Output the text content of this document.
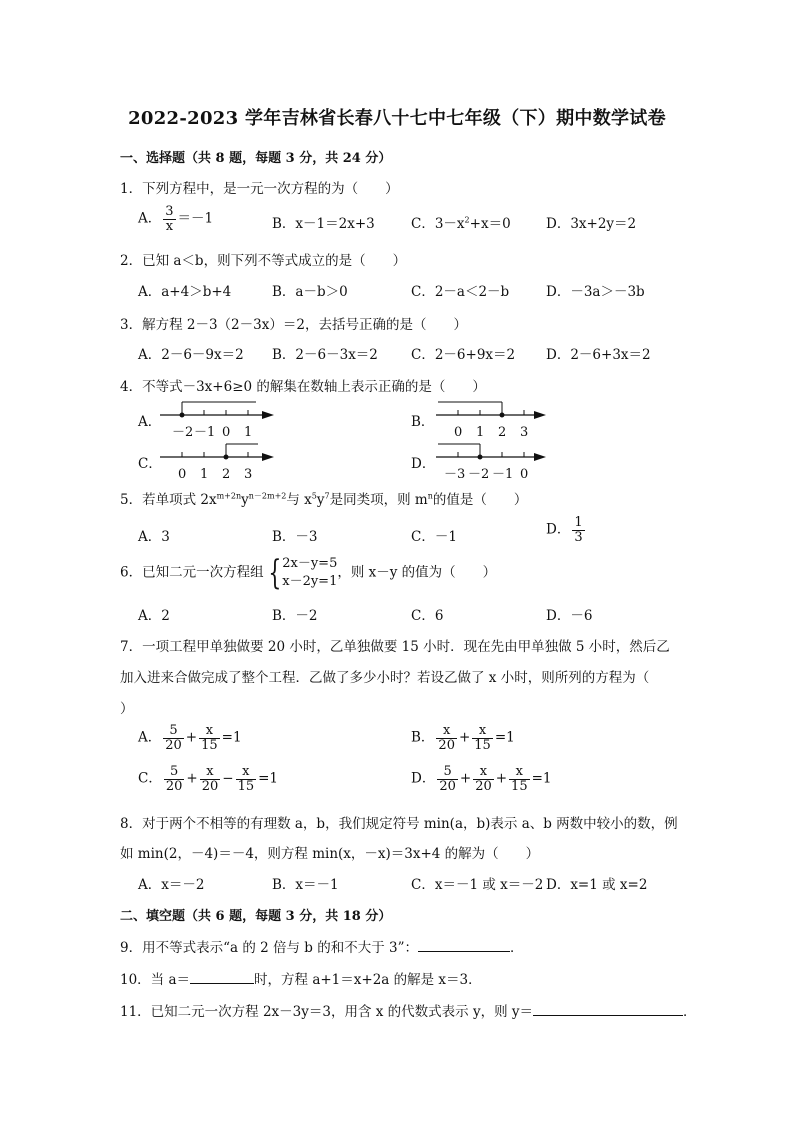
2022-2023 学年吉林省长春八十七中七年级（下）期中数学试卷
一、选择题（共 8 题，每题 3 分，共 24 分）
1．下列方程中，是一元一次方程的为（　　）
A． $\frac{3}{x} =-1$	B．x－1＝2x+3	C．$3-x^2+x=0$	D．3x+2y＝2
2．已知 a＜b，则下列不等式成立的是（　　）
A．a+4＞b+4	B．a－b＞0	C．2－a＜2－b	D．－3a＞－3b
3．解方程 2－3（2－3x）＝2，去括号正确的是（　　）
A．2－6－9x＝2 B．2－6－3x＝2 C．2－6+9x＝2 D．2－6+3x＝2
4．不等式－3x+6≥0 的解集在数轴上表示正确的是（　　）
A．
－2 －1 0 1
B．
0 1 2 3
C．
0 1 2 3
D．
－3 －2 －1 0
5．若单项式 $2x^{m+2n}y^{n-2m+2}$与 $x^5y^7$是同类项，则 $m^n$的值是（　　）
A．3	B．－3	C．－1	D． $\frac{1}{3}$
6．已知二元一次方程组 { 2x－y=5
x－2y=1
，则 x－y 的值为（　　）
A．2	B．－2	C．6	D．－6
7．一项工程甲单独做要 20 小时，乙单独做要 15 小时．现在先由甲单独做 5 小时，然后乙
加入进来合做完成了整个工程．乙做了多少小时？若设乙做了 x 小时，则所列的方程为（
）
A． $\frac{5}{20} + \frac{x}{15} =1$	B． $\frac{x}{20} + \frac{x}{15} =1$
C． $\frac{5}{20} + \frac{x}{20} - \frac{x}{15} =1$	D． $\frac{5}{20} + \frac{x}{20} + \frac{x}{15} =1$
8．对于两个不相等的有理数 a，b，我们规定符号 min(a，b)表示 a、b 两数中较小的数，例
如 min(2，－4)＝－4，则方程 min(x，－x)＝3x+4 的解为（　　）
A．x＝－2	B．x＝－1	C．x＝－1 或 x＝－2 D．x=1 或 x=2
二、填空题（共 6 题，每题 3 分，共 18 分）
9．用不等式表示“a 的 2 倍与 b 的和不大于 3”：	．
10．当 a＝	时，方程 a+1＝x+2a 的解是 x＝3．
11．已知二元一次方程 2x－3y＝3，用含 x 的代数式表示 y，则 y＝	．
